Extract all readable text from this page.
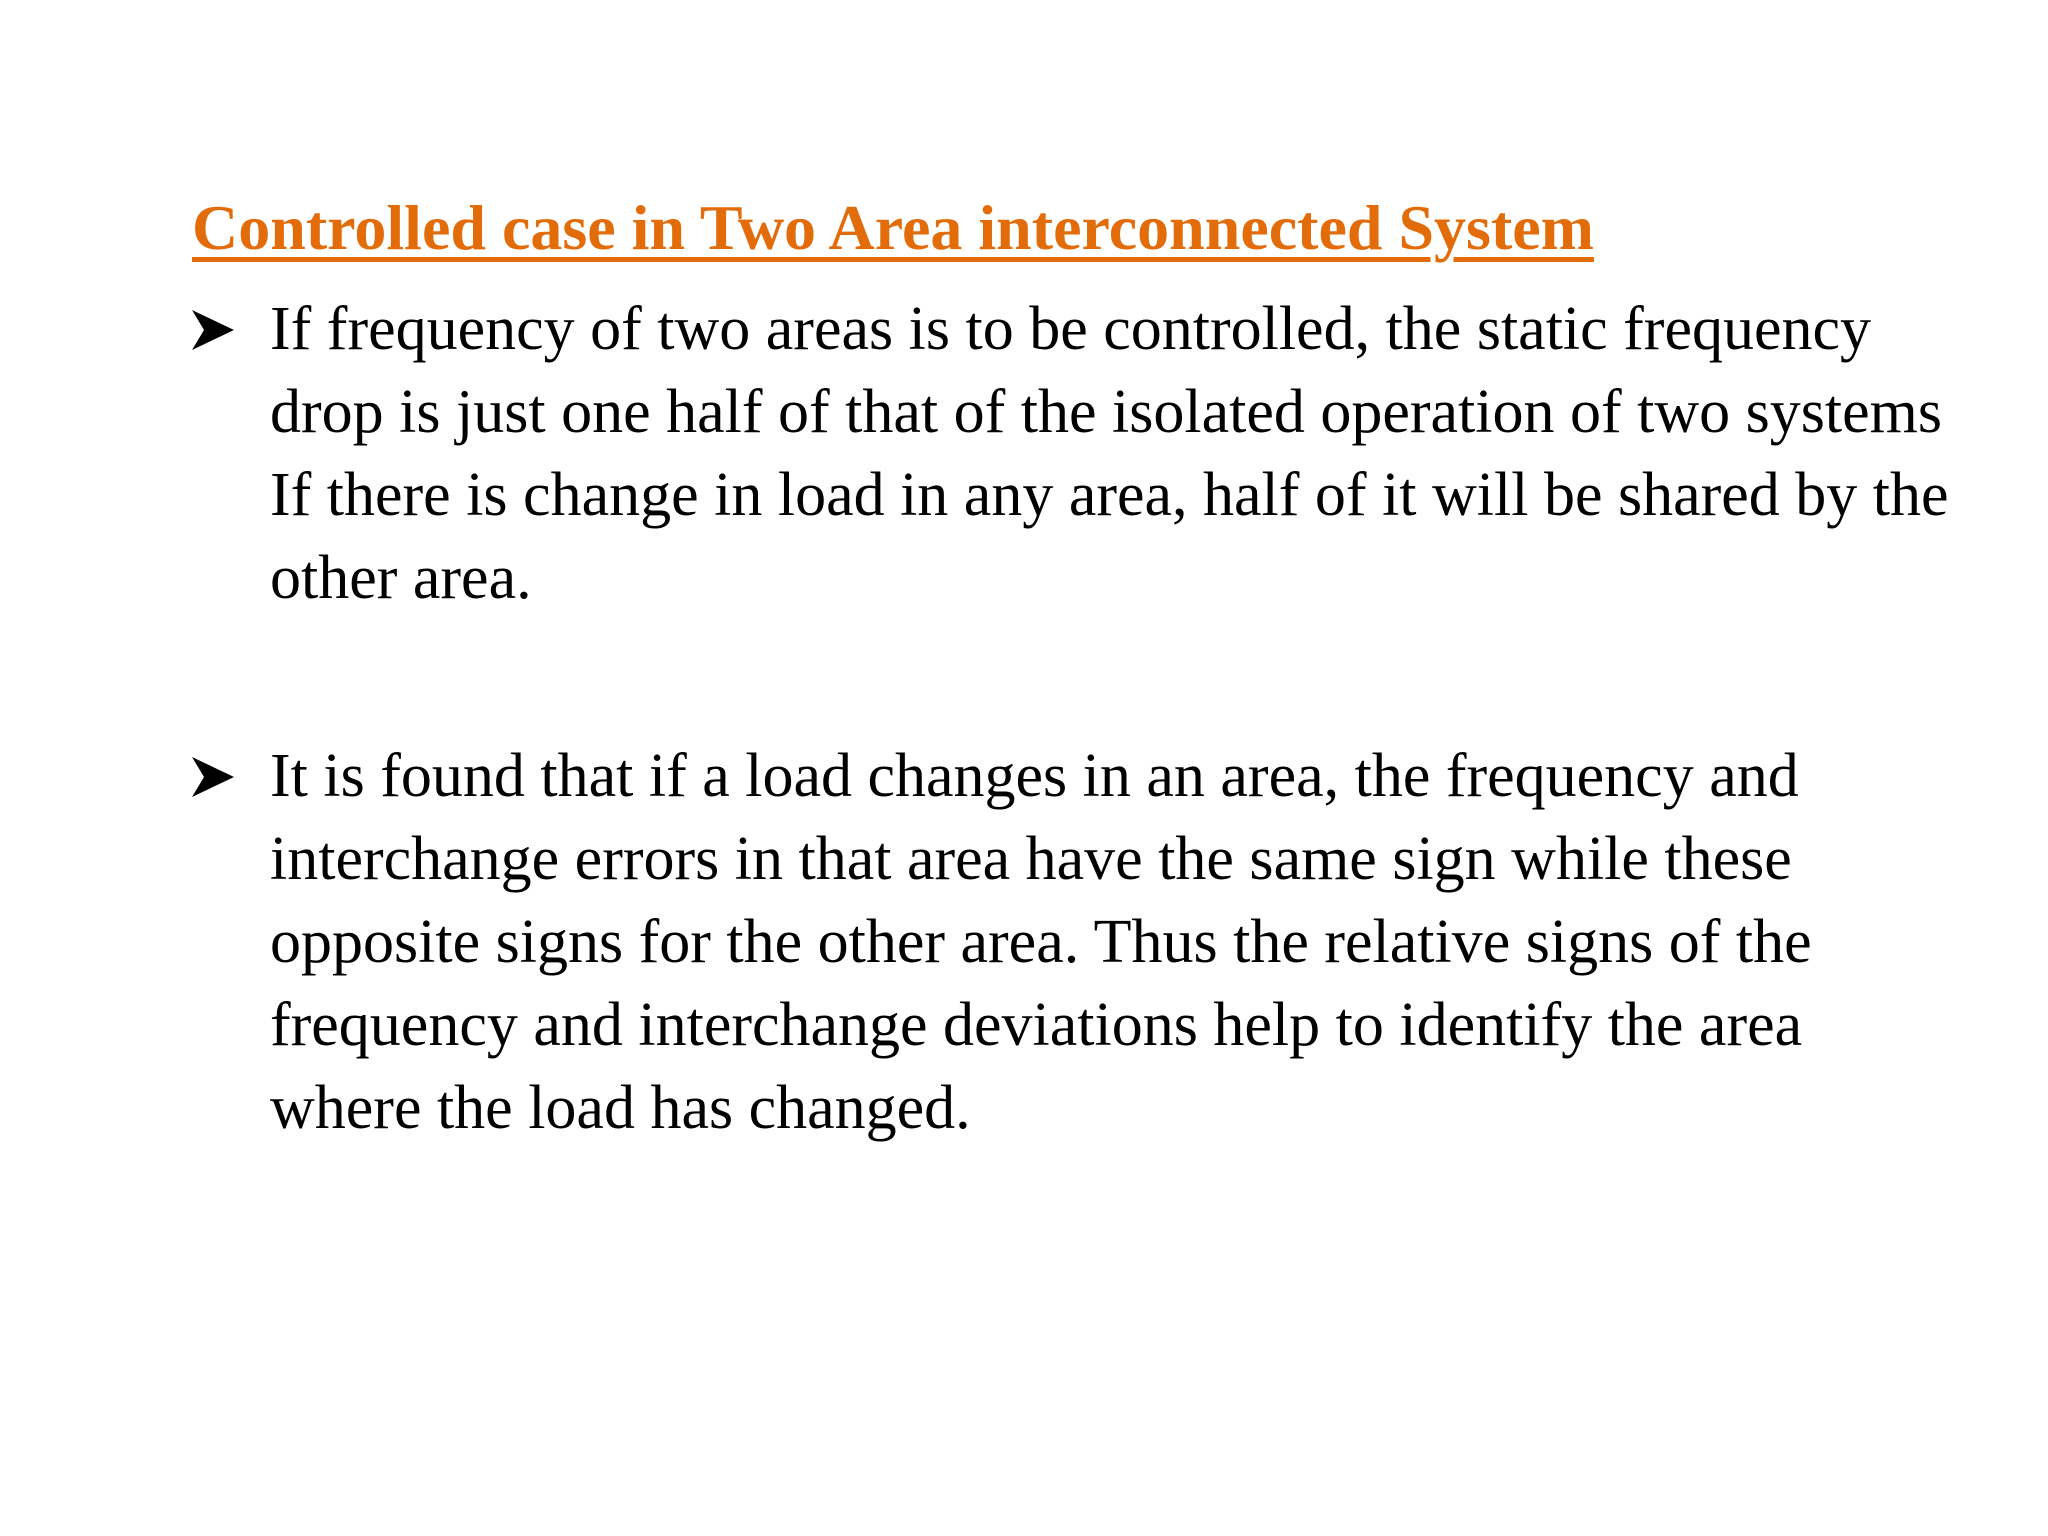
Controlled case in Two Area interconnected System
If frequency of two areas is to be controlled, the static frequency drop is just one half of that of the isolated operation of two systems If there is change in load in any area, half of it will be shared by the other area.
It is found that if a load changes in an area, the frequency and interchange errors in that area have the same sign while these opposite signs for the other area. Thus the relative signs of the frequency and interchange deviations help to identify the area where the load has changed.
